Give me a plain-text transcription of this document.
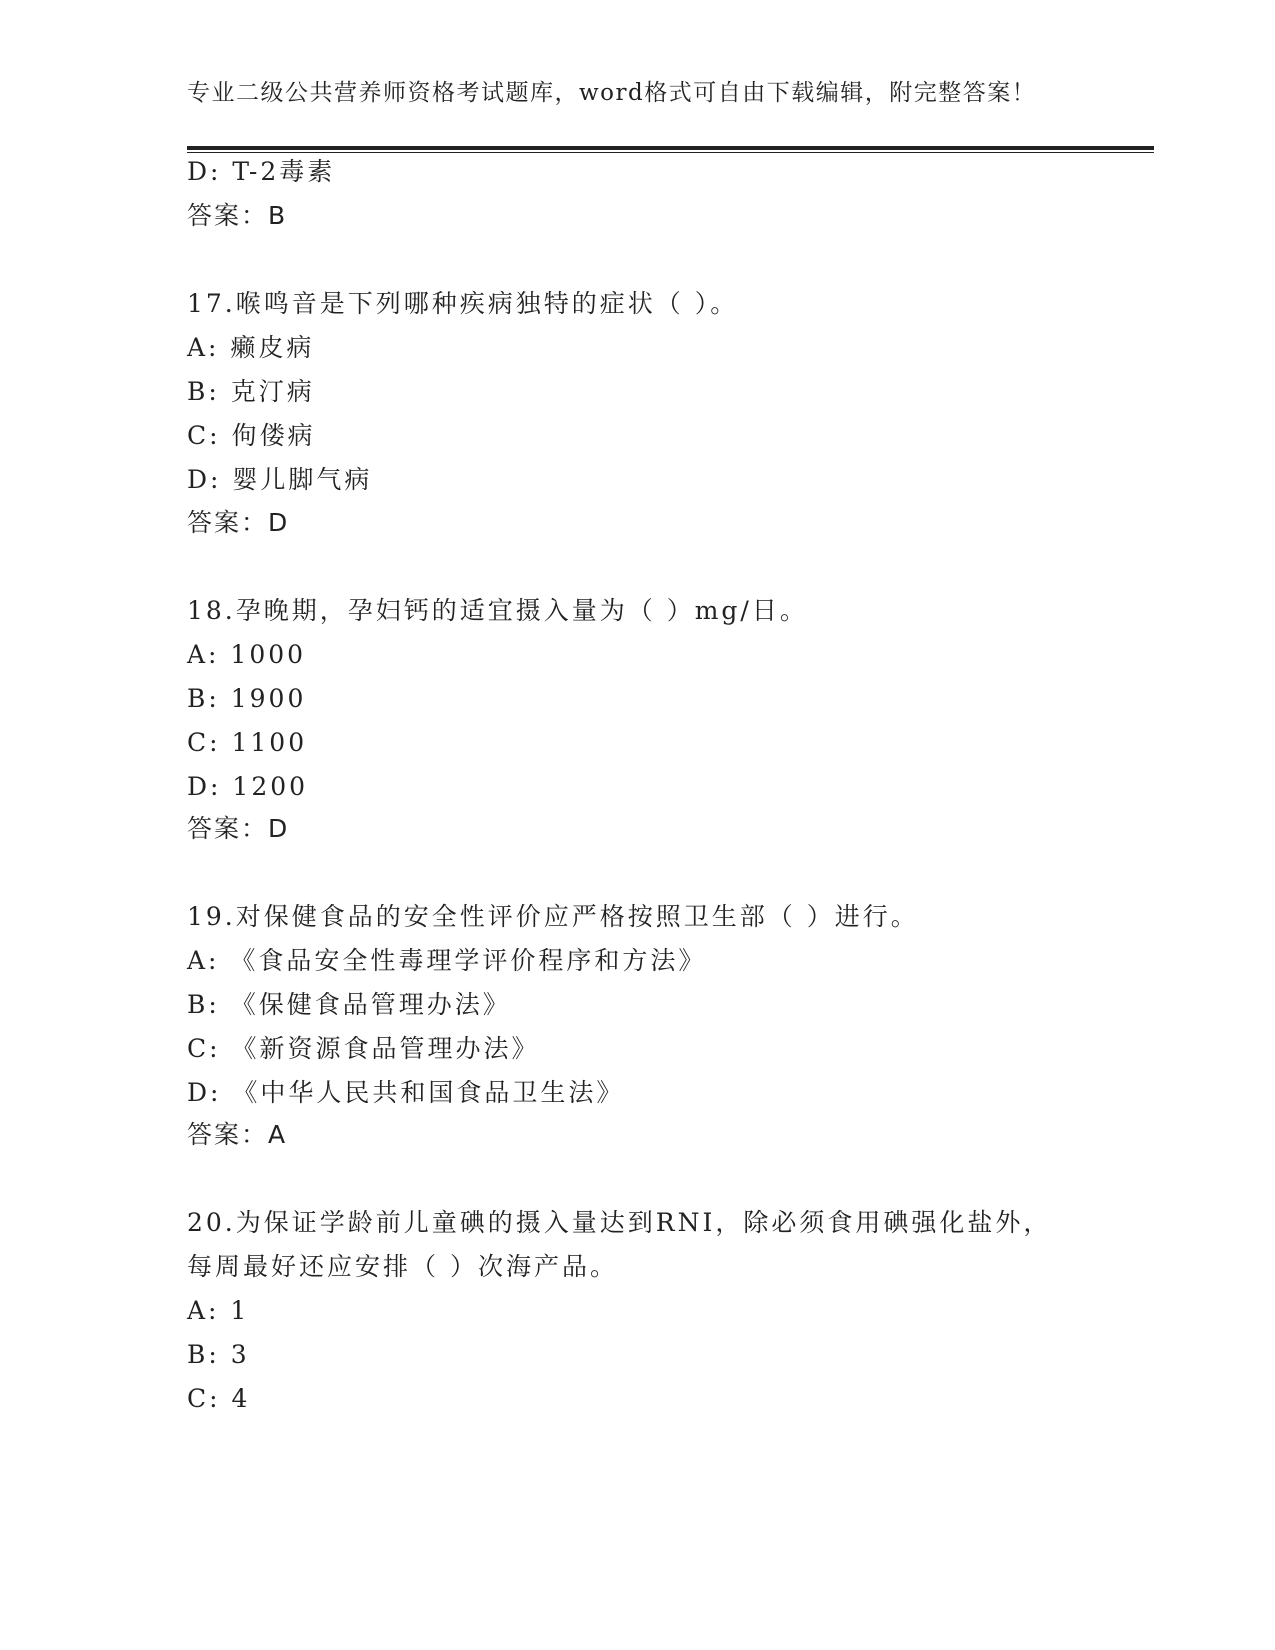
专业二级公共营养师资格考试题库，word格式可自由下载编辑，附完整答案！
D: T-2毒素
答案：B
17.喉鸣音是下列哪种疾病独特的症状（ ）。
A: 癞皮病
B: 克汀病
C: 佝偻病
D: 婴儿脚气病
答案：D
18.孕晚期，孕妇钙的适宜摄入量为（ ）mg/日。
A: 1000
B: 1900
C: 1100
D: 1200
答案：D
19.对保健食品的安全性评价应严格按照卫生部（ ）进行。
A: 《食品安全性毒理学评价程序和方法》
B: 《保健食品管理办法》
C: 《新资源食品管理办法》
D: 《中华人民共和国食品卫生法》
答案：A
20.为保证学龄前儿童碘的摄入量达到RNI，除必须食用碘强化盐外，
每周最好还应安排（ ）次海产品。
A: 1
B: 3
C: 4
